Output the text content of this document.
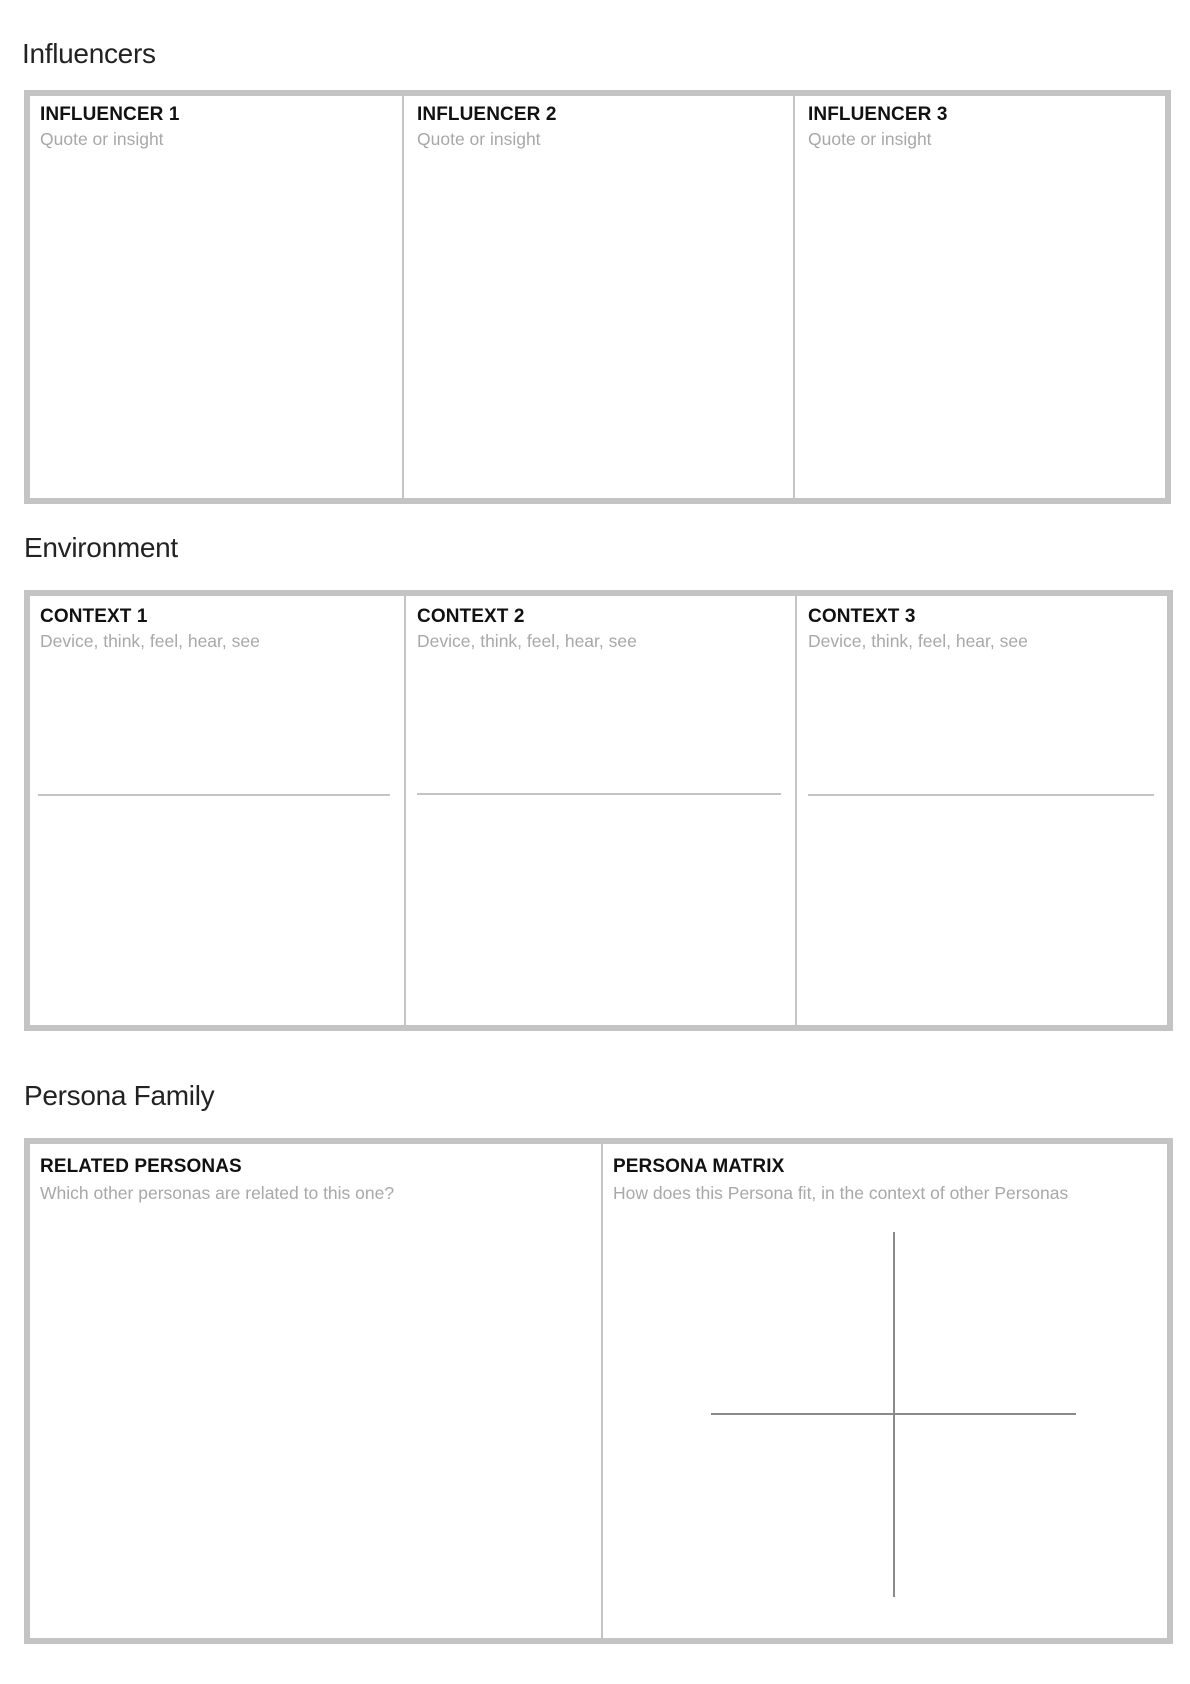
Influencers
INFLUENCER 1
Quote or insight
INFLUENCER 2
Quote or insight
INFLUENCER 3
Quote or insight
Environment
CONTEXT 1
Device, think, feel, hear, see
CONTEXT 2
Device, think, feel, hear, see
CONTEXT 3
Device, think, feel, hear, see
Persona Family
RELATED PERSONAS
Which other personas are related to this one?
PERSONA MATRIX
How does this Persona fit, in the context of other Personas
